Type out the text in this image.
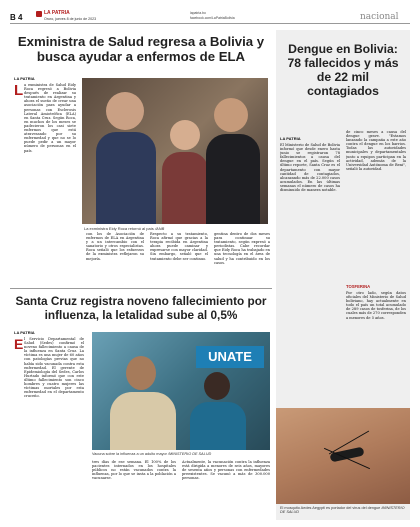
B 4	LA PATRIA
Oruro, jueves 8 de junio de 2023
lapatria.bo
facebook.com/LaPatriaBolivia	nacional
Exministra de Salud regresa a Bolivia y busca ayudar a enfermos de ELA
LA PATRIA
L a exministra de Salud Eidy Roca regresó a Bolivia después de realizar su tratamiento en Argentina y ahora el sueño de crear una asociación para ayudar a personas con Esclerosis Lateral Amiotrófica (ELA) en Santa Cruz. Según Roca, en muchos de los meses se padecieron los casi siete enfermos que está atravesando por su enfermedad y que no se lo puede pedir a un mayor número de personas en el país.
La exministra Eidy Roca retornó al país /ANB
con los de Asociación de enfermos de ELA en Argentina y a un intercambio con el sanatorio y otros especialistas. Roca señaló que los esfuerzos de la exministra reflejaron su mejoría.
Respecto a su tratamiento, Roca afirmó que gracias a la terapia recibida en Argentina ahora puede caminar y expresarse con mayor claridad. Sin embargo, señaló que el tratamiento debe ser continuo.
gentina dentro de dos meses para continuar su tratamiento, según expresó a periodistas. Cabe recordar que Eidy Roca ha trabajado en una tecnología en el área de salud y ha contribuido en los casos.
Dengue en Bolivia: 78 fallecidos y más de 22 mil contagiados
LA PATRIA
El Ministerio de Salud de Bolivia informó que desde enero hasta junio se registraron 78 fallecimientos a causa del dengue en el país. Según el último reporte, Santa Cruz es el departamento con mayor cantidad de contagiados, alcanzando más de 22.000 casos acumulados. En las últimas semanas el número de casos ha disminuido de manera notable.
de cinco meses a causa del dengue grave. "Estamos lanzando la campaña a este año contra el dengue en los barrios. Todas las autoridades municipales y departamentales junto a equipos participan en la actividad, además de la Universidad Autónoma de Beni", señaló la autoridad.
TOSFERINA
Por otro lado, según datos oficiales del Ministerio de Salud boliviano, hay actualmente en todo el país un total acumulado de 289 casos de tosferina, de los cuales más de 270 corresponden a menores de 5 años.
El mosquito Aedes Aegypti es portador del virus del dengue /MINISTERIO DE SALUD
Santa Cruz registra noveno fallecimiento por influenza, la letalidad sube al 0,5%
LA PATRIA
E l Servicio Departamental de Salud (Sedes) confirmó el noveno fallecimiento a causa de la influenza en Santa Cruz. La víctima es una mujer de 60 años con patologías previas que no había sido vacunada contra esta enfermedad. El gerente de Epidemiología del Sedes, Carlos Hurtado informó que con este último fallecimiento son cinco hombres y cuatro mujeres las víctimas mortales por esta enfermedad en el departamento cruceño.
UNATE
Vacuna sobre la influenza a un adulto mayor /MINISTERIO DE SALUD
tres días de ese semana. El 100% de los pacientes internados en los hospitales públicos no están vacunados contra la influenza, por lo que se insta a la población a vacunarse.
Actualmente, la vacunación contra la influenza está dirigida a menores de seis años, mayores de sesenta años y personas con enfermedades preexistentes. Se vacunó a más de 300.000 personas.
